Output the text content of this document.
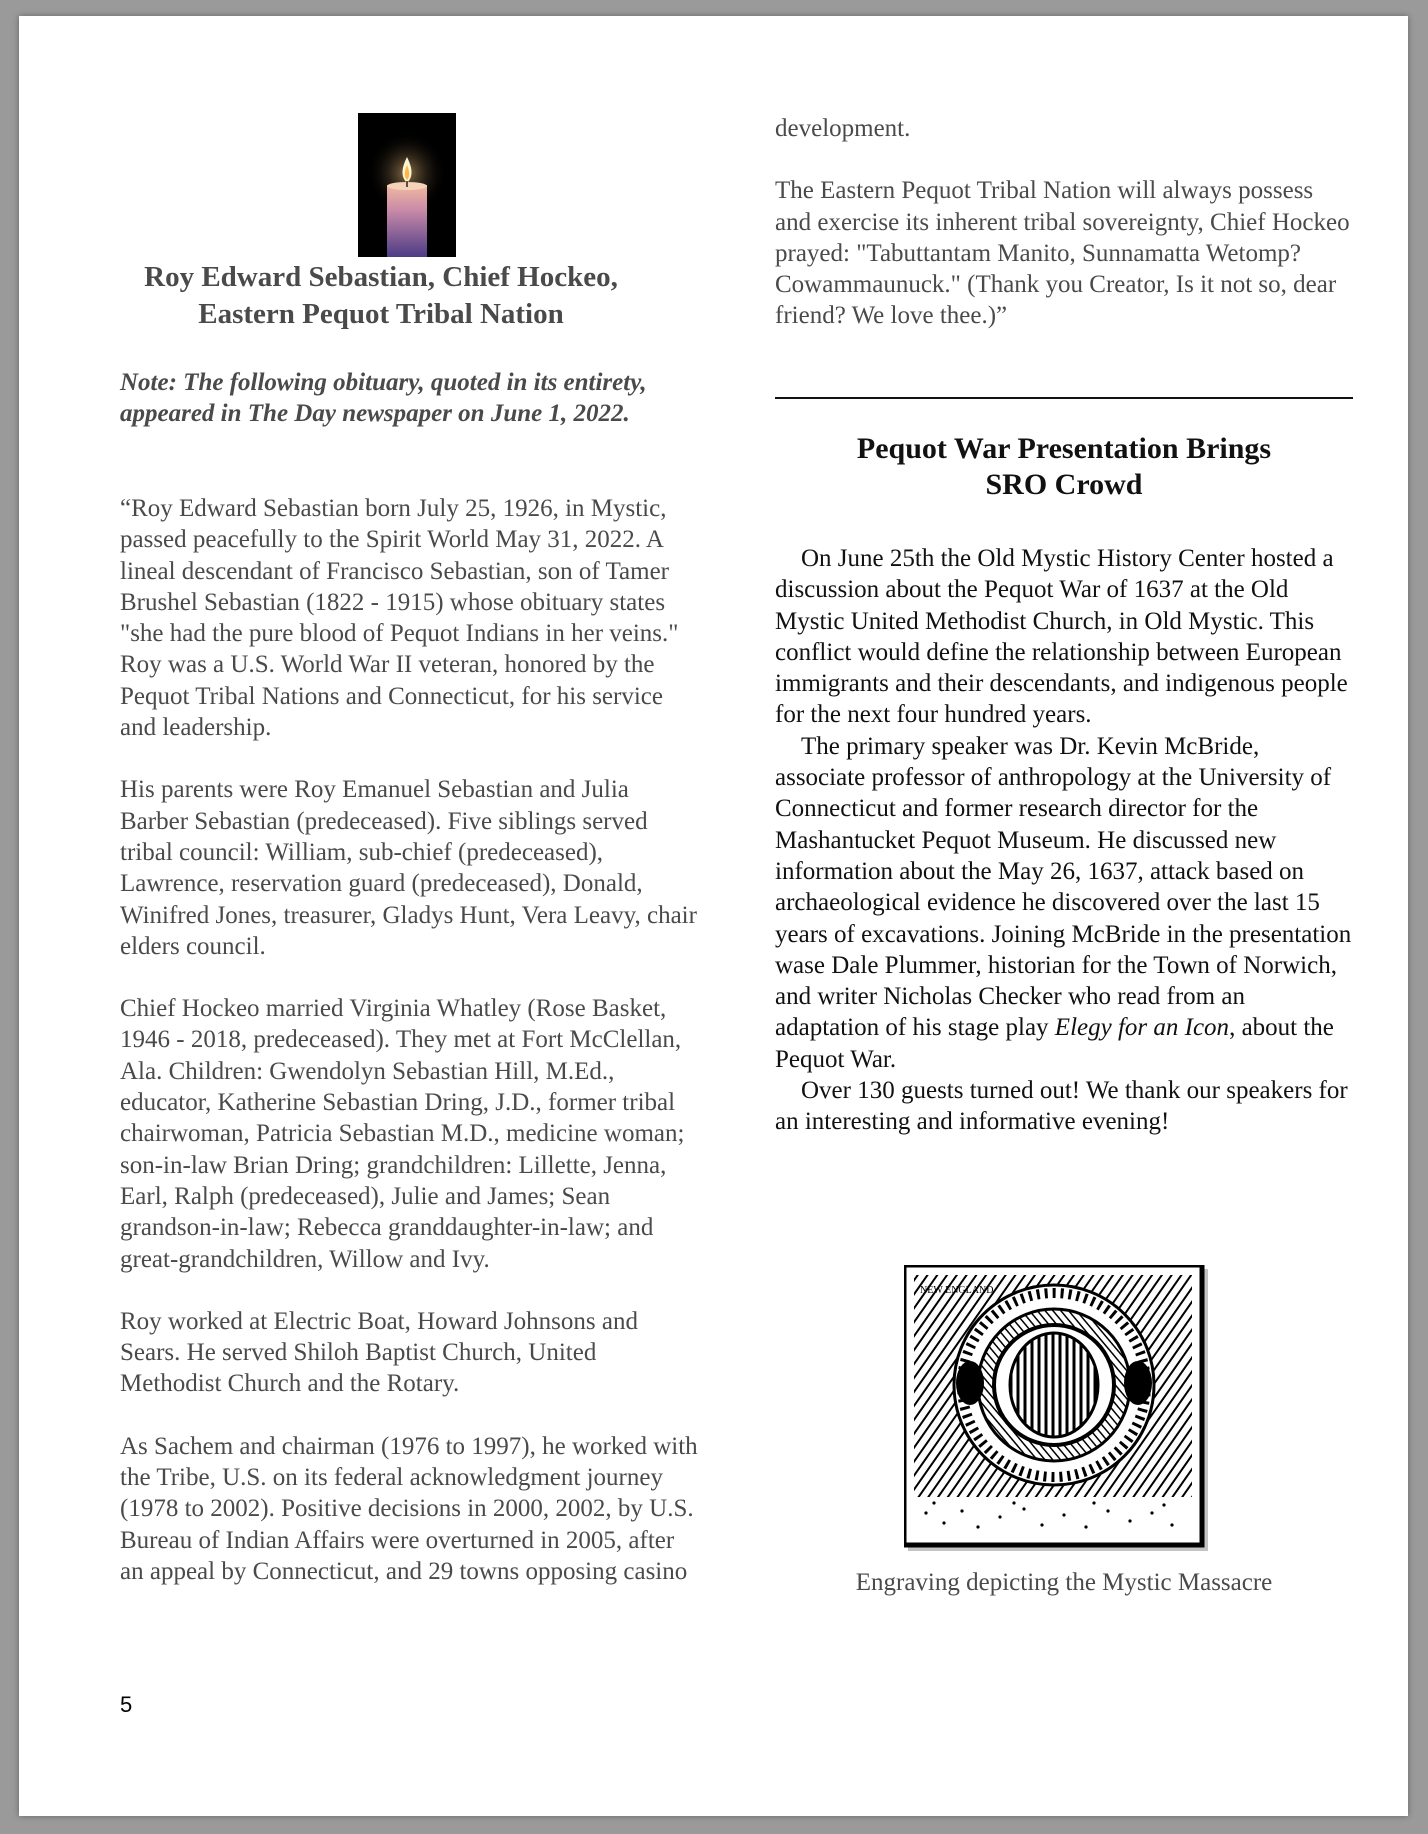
Roy Edward Sebastian, Chief Hockeo,
Eastern Pequot Tribal Nation
Note: The following obituary, quoted in its entirety, appeared in The Day newspaper on June 1, 2022.

“Roy Edward Sebastian born July 25, 1926, in Mystic, passed peacefully to the Spirit World May 31, 2022. A lineal descendant of Francisco Sebastian, son of Tamer Brushel Sebastian (1822 - 1915) whose obituary states "she had the pure blood of Pequot Indians in her veins." Roy was a U.S. World War II veteran, honored by the Pequot Tribal Nations and Connecticut, for his service and leadership.

His parents were Roy Emanuel Sebastian and Julia Barber Sebastian (predeceased). Five siblings served tribal council: William, sub-chief (predeceased), Lawrence, reservation guard (predeceased), Donald, Winifred Jones, treasurer, Gladys Hunt, Vera Leavy, chair elders council.

Chief Hockeo married Virginia Whatley (Rose Basket, 1946 - 2018, predeceased). They met at Fort McClellan, Ala. Children: Gwendolyn Sebastian Hill, M.Ed., educator, Katherine Sebastian Dring, J.D., former tribal chairwoman, Patricia Sebastian M.D., medicine woman; son-in-law Brian Dring; grandchildren: Lillette, Jenna, Earl, Ralph (predeceased), Julie and James; Sean grandson-in-law; Rebecca granddaughter-in-law; and great-grandchildren, Willow and Ivy.

Roy worked at Electric Boat, Howard Johnsons and Sears. He served Shiloh Baptist Church, United Methodist Church and the Rotary.

As Sachem and chairman (1976 to 1997), he worked with the Tribe, U.S. on its federal acknowledgment journey (1978 to 2002). Positive decisions in 2000, 2002, by U.S. Bureau of Indian Affairs were overturned in 2005, after an appeal by Connecticut, and 29 towns opposing casino

5

development.

The Eastern Pequot Tribal Nation will always possess and exercise its inherent tribal sovereignty, Chief Hockeo prayed: "Tabuttantam Manito, Sunnamatta Wetomp? Cowammaunuck." (Thank you Creator, Is it not so, dear friend? We love thee.)”

Pequot War Presentation Brings
SRO Crowd

On June 25th the Old Mystic History Center hosted a discussion about the Pequot War of 1637 at the Old Mystic United Methodist Church, in Old Mystic. This conflict would define the relationship between European immigrants and their descendants, and indigenous people for the next four hundred years.

The primary speaker was Dr. Kevin McBride, associate professor of anthropology at the University of Connecticut and former research director for the Mashantucket Pequot Museum. He discussed new information about the May 26, 1637, attack based on archaeological evidence he discovered over the last 15 years of excavations. Joining McBride in the presentation wase Dale Plummer, historian for the Town of Norwich, and writer Nicholas Checker who read from an adaptation of his stage play Elegy for an Icon, about the Pequot War.

Over 130 guests turned out! We thank our speakers for an interesting and informative evening!

NEW ENGLAND
Engraving depicting the Mystic Massacre
